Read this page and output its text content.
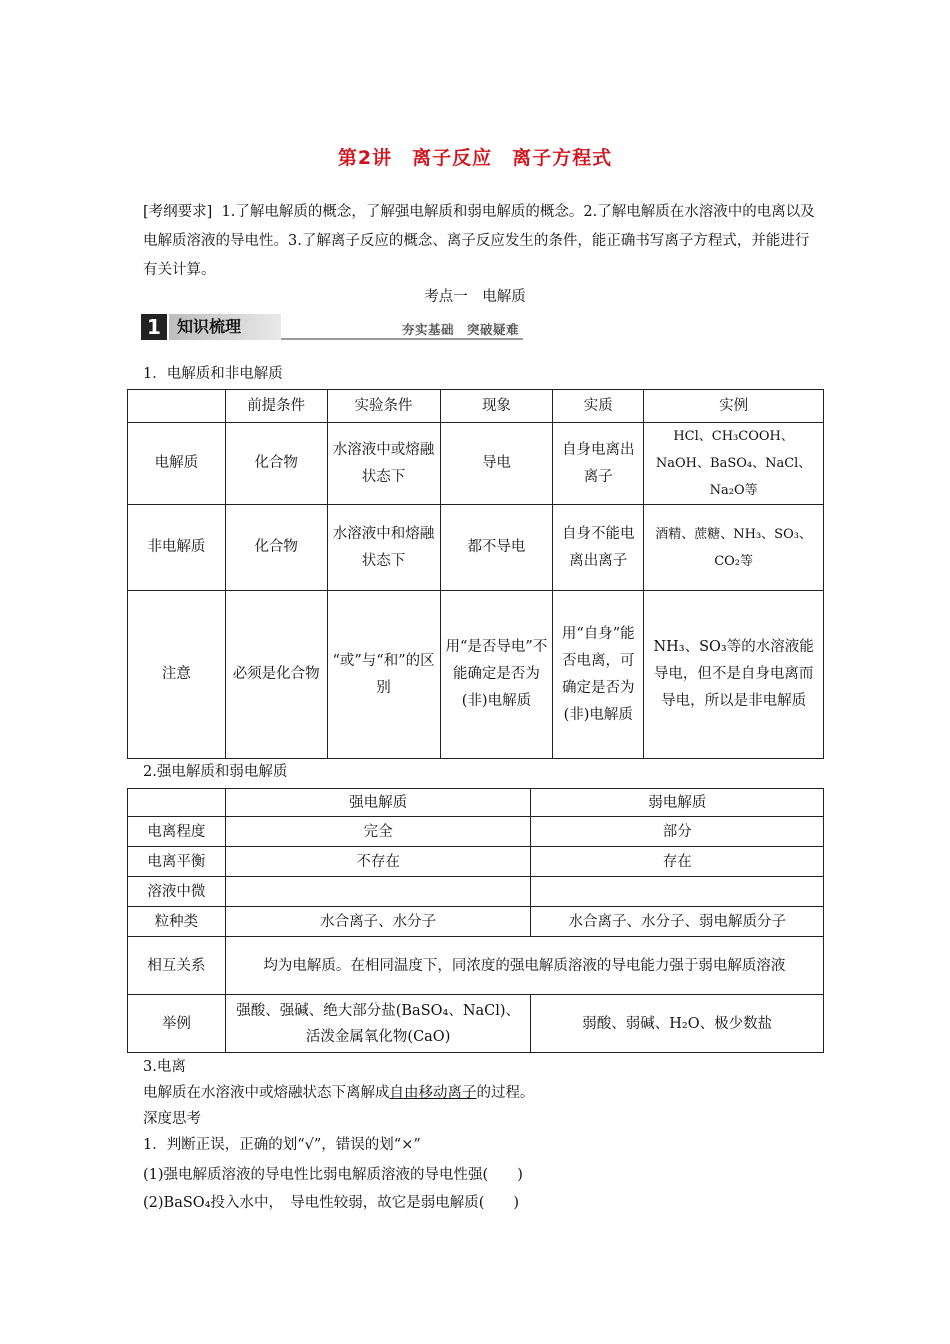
第2讲　离子反应　离子方程式
[考纲要求] 1.了解电解质的概念，了解强电解质和弱电解质的概念。2.了解电解质在水溶液中的电离以及电解质溶液的导电性。3.了解离子反应的概念、离子反应发生的条件，能正确书写离子方程式，并能进行有关计算。
考点一　电解质
1	知识梳理	夯实基础　突破疑难
1．电解质和非电解质
	前提条件	实验条件	现象	实质	实例
电解质	化合物	水溶液中或熔融状态下	导电	自身电离出离子	HCl、CH₃COOH、NaOH、BaSO₄、NaCl、Na₂O等
非电解质	化合物	水溶液中和熔融状态下	都不导电	自身不能电离出离子	酒精、蔗糖、NH₃、SO₃、CO₂等
注意	必须是化合物	“或”与“和”的区别	用“是否导电”不能确定是否为(非)电解质	用“自身”能否电离，可确定是否为(非)电解质	NH₃、SO₃等的水溶液能导电，但不是自身电离而导电，所以是非电解质
2.强电解质和弱电解质
	强电解质	弱电解质
电离程度	完全	部分
电离平衡	不存在	存在
溶液中微		
粒种类	水合离子、水分子	水合离子、水分子、弱电解质分子
相互关系	均为电解质。在相同温度下，同浓度的强电解质溶液的导电能力强于弱电解质溶液	
举例	强酸、强碱、绝大部分盐(BaSO₄、NaCl)、活泼金属氧化物(CaO)	弱酸、弱碱、H₂O、极少数盐
3.电离
电解质在水溶液中或熔融状态下离解成自由移动离子的过程。
深度思考
1．判断正误，正确的划“√”，错误的划“×”
(1)强电解质溶液的导电性比弱电解质溶液的导电性强(　　)
(2)BaSO₄投入水中，　导电性较弱，故它是弱电解质(　　)
